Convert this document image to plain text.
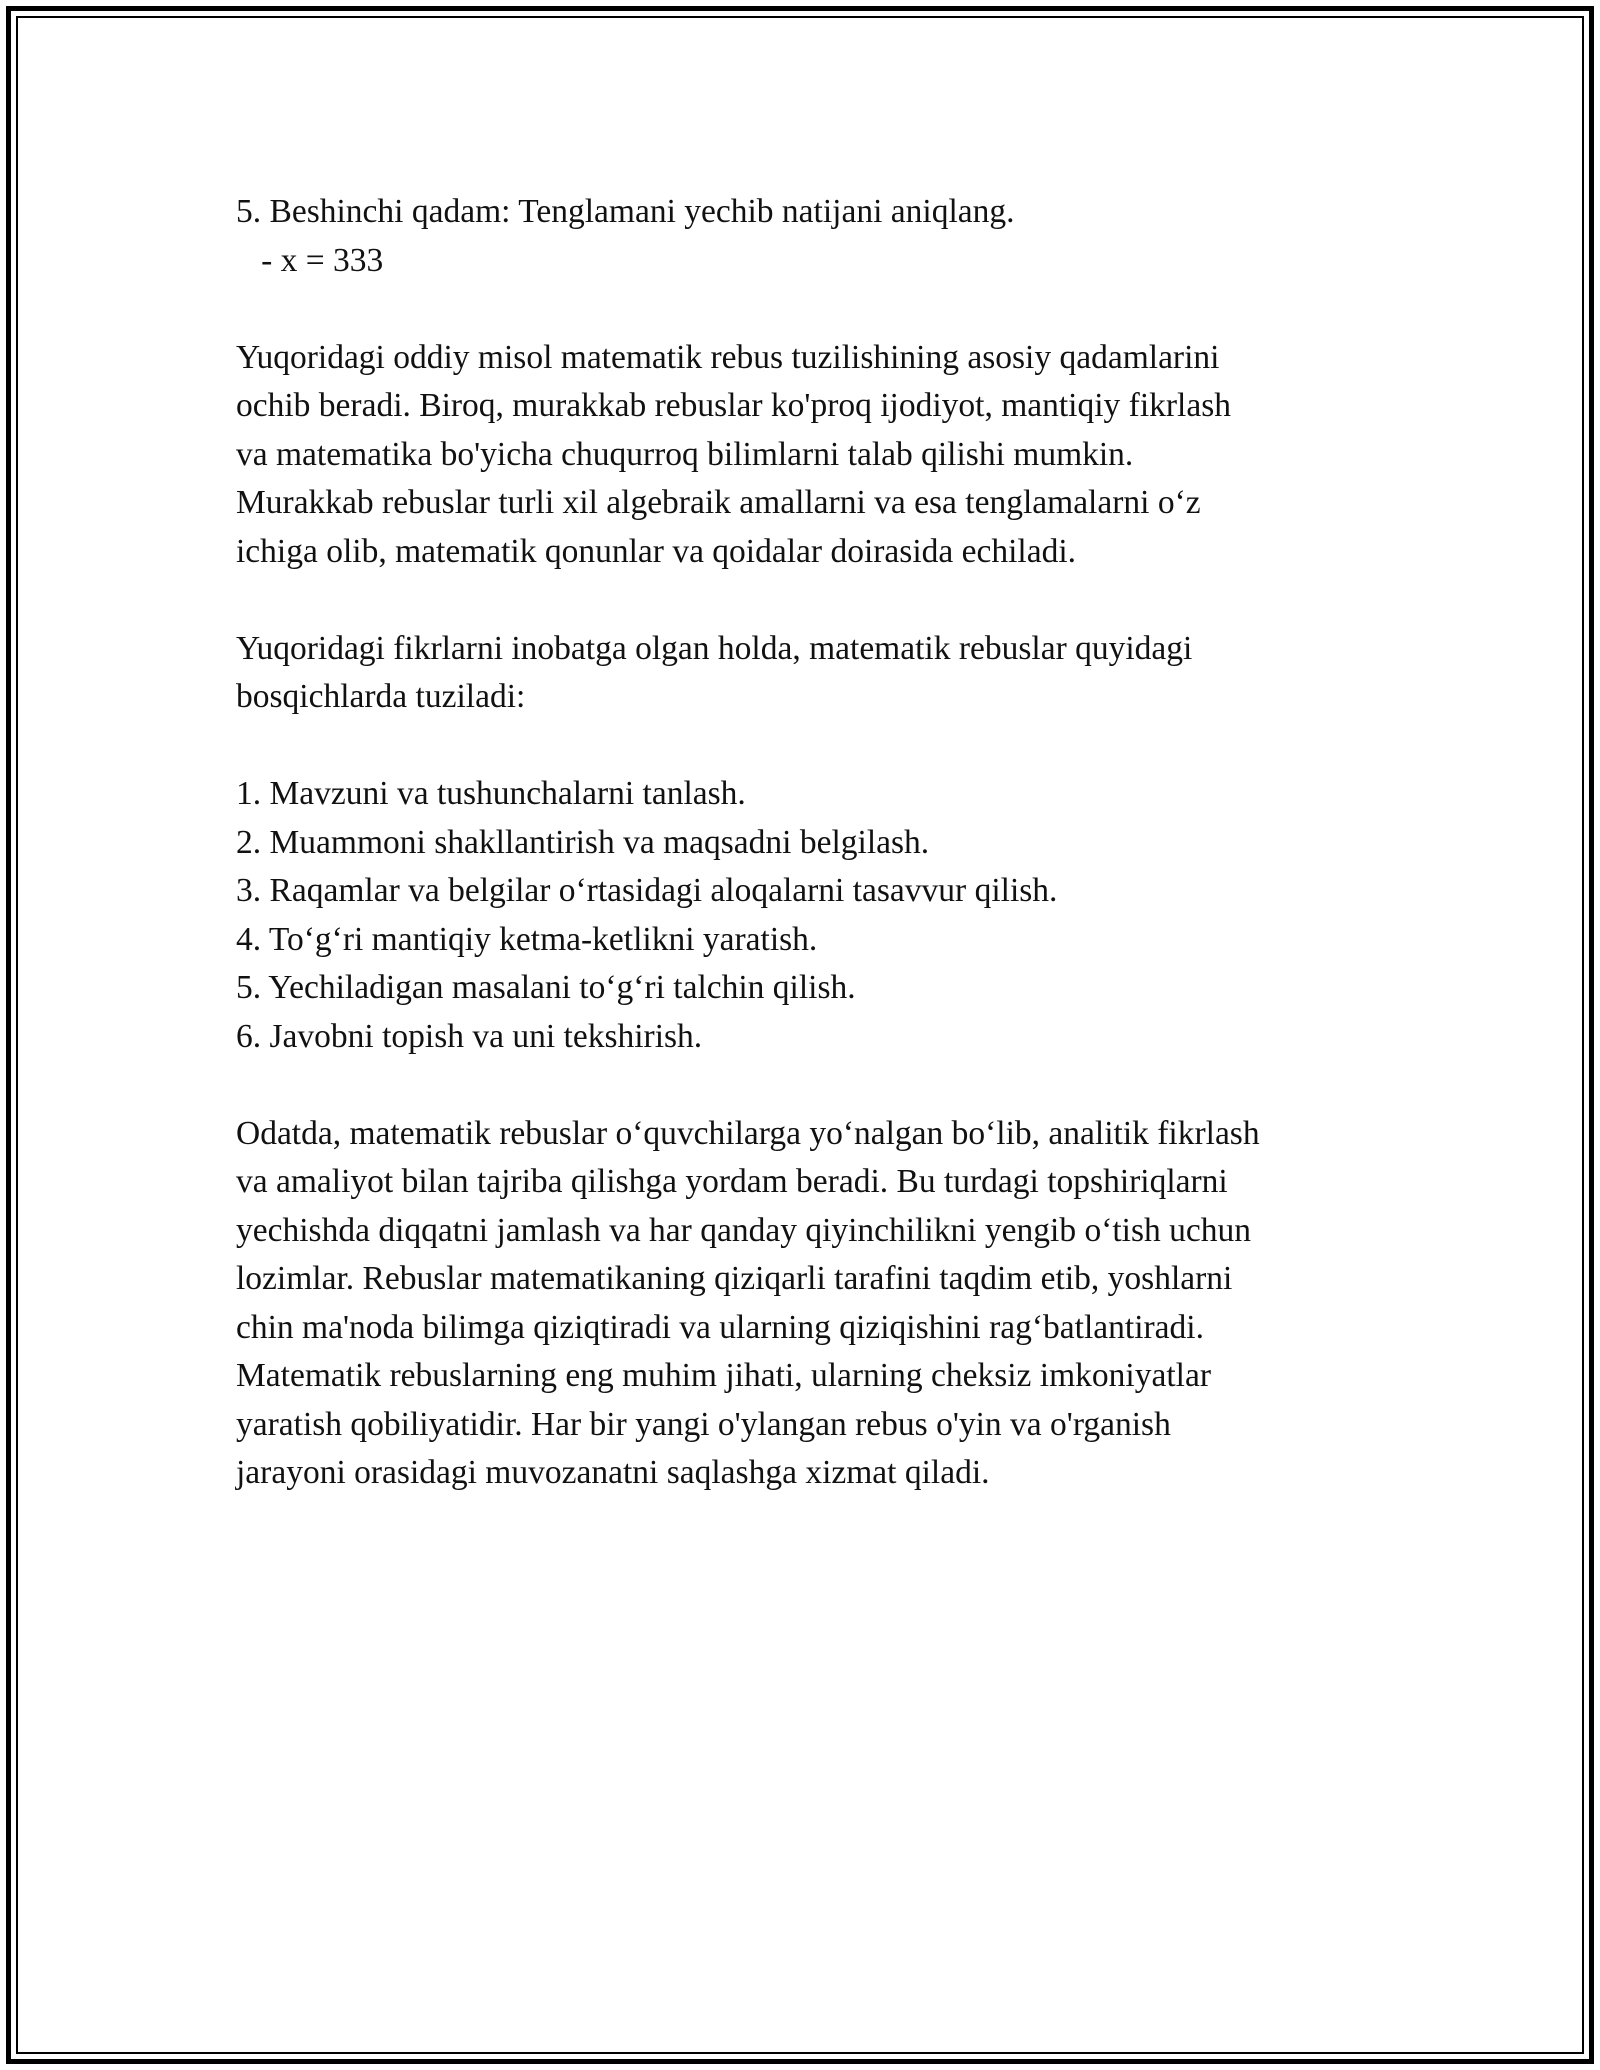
5. Beshinchi qadam: Tenglamani yechib natijani aniqlang.
- x = 333
Yuqoridagi oddiy misol matematik rebus tuzilishining asosiy qadamlarini
ochib beradi. Biroq, murakkab rebuslar ko'proq ijodiyot, mantiqiy fikrlash
va matematika bo'yicha chuqurroq bilimlarni talab qilishi mumkin.
Murakkab rebuslar turli xil algebraik amallarni va esa tenglamalarni o‘z
ichiga olib, matematik qonunlar va qoidalar doirasida echiladi.
Yuqoridagi fikrlarni inobatga olgan holda, matematik rebuslar quyidagi
bosqichlarda tuziladi:
1. Mavzuni va tushunchalarni tanlash.
2. Muammoni shakllantirish va maqsadni belgilash.
3. Raqamlar va belgilar o‘rtasidagi aloqalarni tasavvur qilish.
4. To‘g‘ri mantiqiy ketma-ketlikni yaratish.
5. Yechiladigan masalani to‘g‘ri talchin qilish.
6. Javobni topish va uni tekshirish.
Odatda, matematik rebuslar o‘quvchilarga yo‘nalgan bo‘lib, analitik fikrlash
va amaliyot bilan tajriba qilishga yordam beradi. Bu turdagi topshiriqlarni
yechishda diqqatni jamlash va har qanday qiyinchilikni yengib o‘tish uchun
lozimlar. Rebuslar matematikaning qiziqarli tarafini taqdim etib, yoshlarni
chin ma'noda bilimga qiziqtiradi va ularning qiziqishini rag‘batlantiradi.
Matematik rebuslarning eng muhim jihati, ularning cheksiz imkoniyatlar
yaratish qobiliyatidir. Har bir yangi o'ylangan rebus o'yin va o'rganish
jarayoni orasidagi muvozanatni saqlashga xizmat qiladi.
